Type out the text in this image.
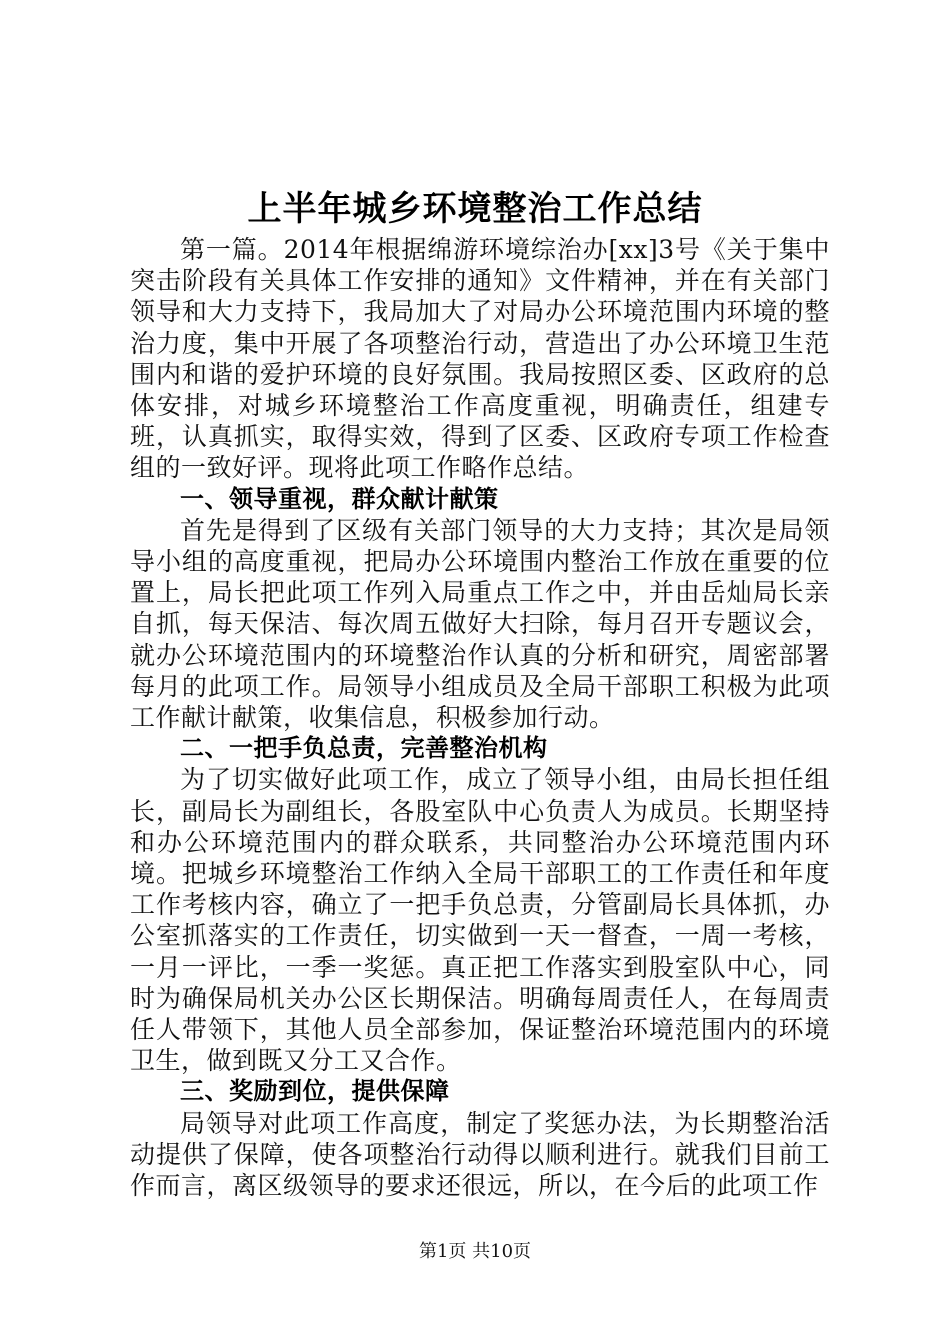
上半年城乡环境整治工作总结

第一篇。2014年根据绵游环境综治办[xx]3号《关于集中突击阶段有关具体工作安排的通知》文件精神，并在有关部门领导和大力支持下，我局加大了对局办公环境范围内环境的整治力度，集中开展了各项整治行动，营造出了办公环境卫生范围内和谐的爱护环境的良好氛围。我局按照区委、区政府的总体安排，对城乡环境整治工作高度重视，明确责任，组建专班，认真抓实，取得实效，得到了区委、区政府专项工作检查组的一致好评。现将此项工作略作总结。

一、领导重视，群众献计献策

首先是得到了区级有关部门领导的大力支持；其次是局领导小组的高度重视，把局办公环境围内整治工作放在重要的位置上，局长把此项工作列入局重点工作之中，并由岳灿局长亲自抓，每天保洁、每次周五做好大扫除，每月召开专题议会，就办公环境范围内的环境整治作认真的分析和研究，周密部署每月的此项工作。局领导小组成员及全局干部职工积极为此项工作献计献策，收集信息，积极参加行动。

二、一把手负总责，完善整治机构

为了切实做好此项工作，成立了领导小组，由局长担任组长，副局长为副组长，各股室队中心负责人为成员。长期坚持和办公环境范围内的群众联系，共同整治办公环境范围内环境。把城乡环境整治工作纳入全局干部职工的工作责任和年度工作考核内容，确立了一把手负总责，分管副局长具体抓，办公室抓落实的工作责任，切实做到一天一督查，一周一考核，一月一评比，一季一奖惩。真正把工作落实到股室队中心，同时为确保局机关办公区长期保洁。明确每周责任人，在每周责任人带领下，其他人员全部参加，保证整治环境范围内的环境卫生，做到既又分工又合作。

三、奖励到位，提供保障

局领导对此项工作高度，制定了奖惩办法，为长期整治活动提供了保障，使各项整治行动得以顺利进行。就我们目前工作而言，离区级领导的要求还很远，所以，在今后的此项工作

第1页 共10页
